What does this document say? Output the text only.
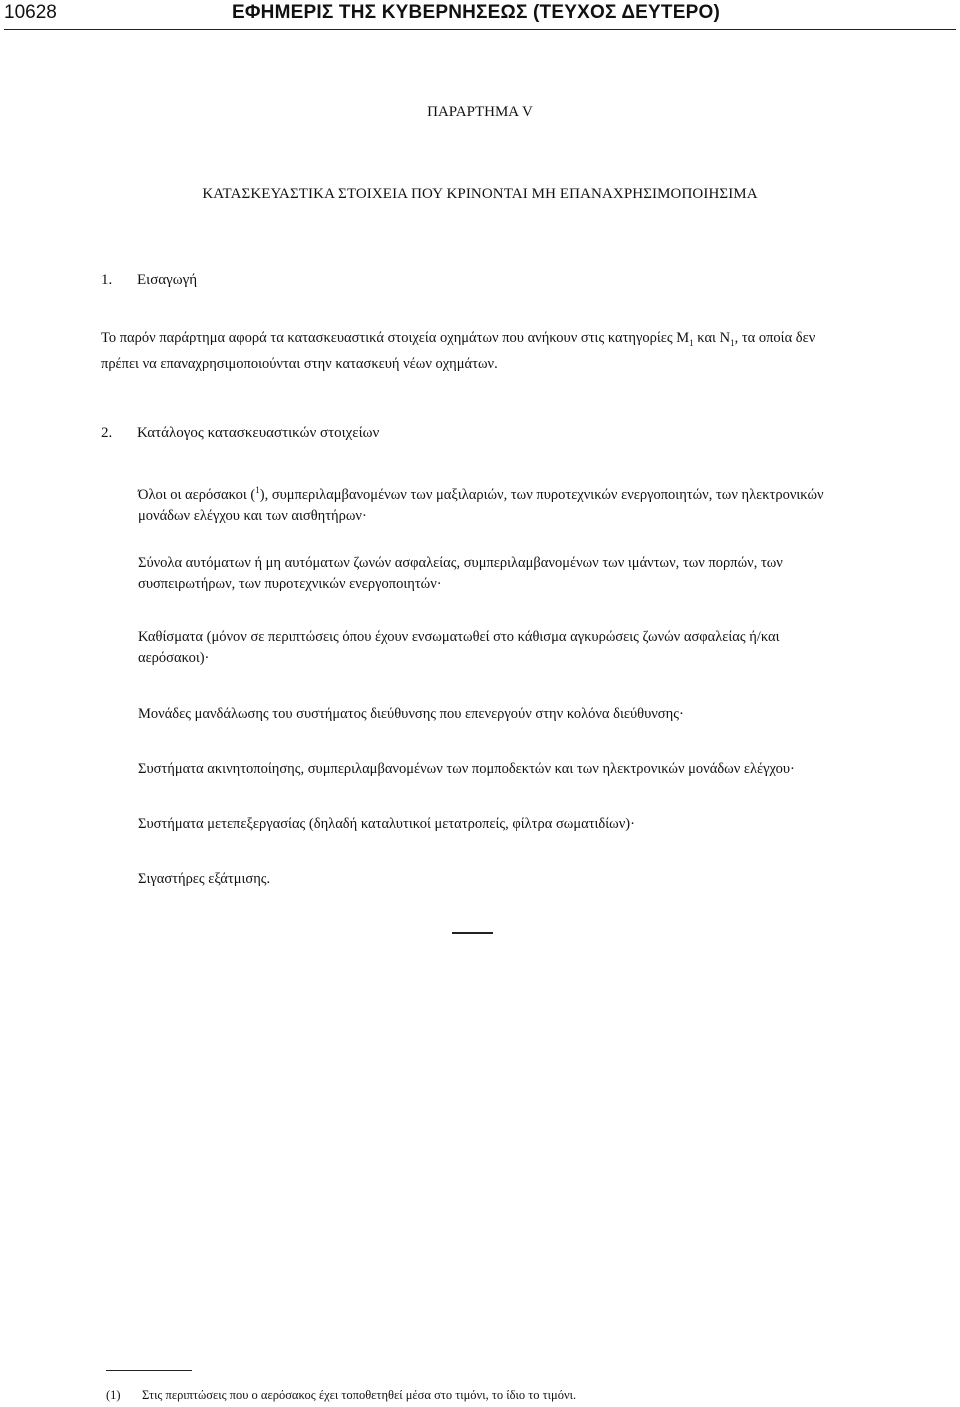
10628	ΕΦΗΜΕΡΙΣ ΤΗΣ ΚΥΒΕΡΝΗΣΕΩΣ (ΤΕΥΧΟΣ ΔΕΥΤΕΡΟ)
ΠΑΡΑΡΤΗΜΑ V
ΚΑΤΑΣΚΕΥΑΣΤΙΚΑ ΣΤΟΙΧΕΙΑ ΠΟΥ ΚΡΙΝΟΝΤΑΙ ΜΗ ΕΠΑΝΑΧΡΗΣΙΜΟΠΟΙΗΣΙΜΑ
1. Εισαγωγή
Το παρόν παράρτημα αφορά τα κατασκευαστικά στοιχεία οχημάτων που ανήκουν στις κατηγορίες $M_1$ και $N_1$, τα οποία δεν πρέπει να επαναχρησιμοποιούνται στην κατασκευή νέων οχημάτων.
2. Κατάλογος κατασκευαστικών στοιχείων
Όλοι οι αερόσακοι ($^1$), συμπεριλαμβανομένων των μαξιλαριών, των πυροτεχνικών ενεργοποιητών, των ηλεκτρονικών μονάδων ελέγχου και των αισθητήρων·
Σύνολα αυτόματων ή μη αυτόματων ζωνών ασφαλείας, συμπεριλαμβανομένων των ιμάντων, των πορπών, των συσπειρωτήρων, των πυροτεχνικών ενεργοποιητών·
Καθίσματα (μόνον σε περιπτώσεις όπου έχουν ενσωματωθεί στο κάθισμα αγκυρώσεις ζωνών ασφαλείας ή/και αερόσακοι)·
Μονάδες μανδάλωσης του συστήματος διεύθυνσης που επενεργούν στην κολόνα διεύθυνσης·
Συστήματα ακινητοποίησης, συμπεριλαμβανομένων των πομποδεκτών και των ηλεκτρονικών μονάδων ελέγχου·
Συστήματα μετεπεξεργασίας (δηλαδή καταλυτικοί μετατροπείς, φίλτρα σωματιδίων)·
Σιγαστήρες εξάτμισης.
(1) Στις περιπτώσεις που ο αερόσακος έχει τοποθετηθεί μέσα στο τιμόνι, το ίδιο το τιμόνι.
